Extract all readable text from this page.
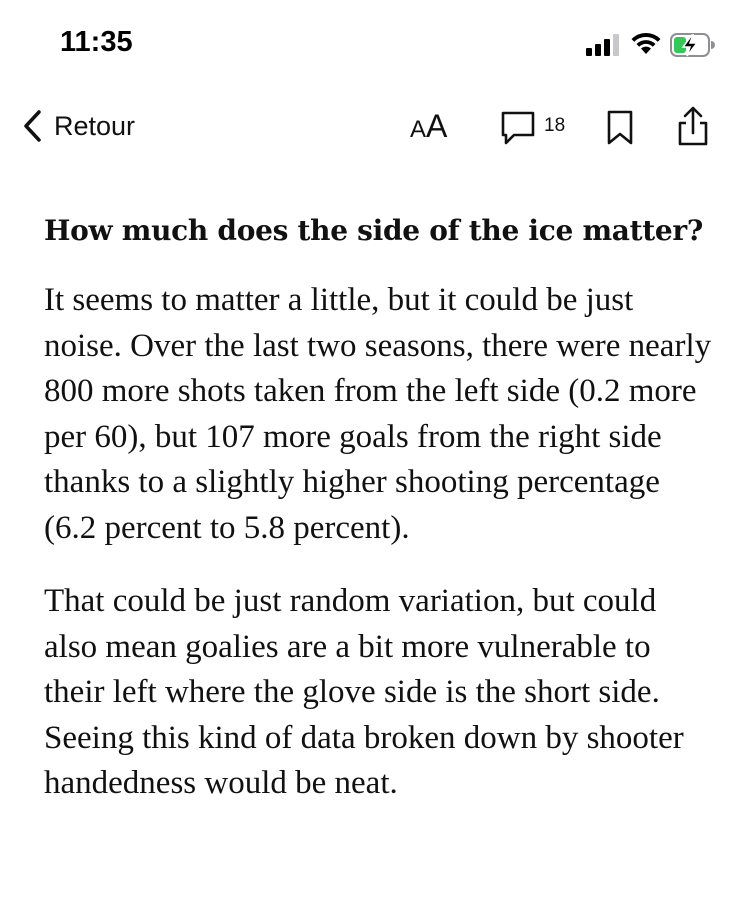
11:35
Retour	AA	18
How much does the side of the ice matter?

It seems to matter a little, but it could be just noise. Over the last two seasons, there were nearly 800 more shots taken from the left side (0.2 more per 60), but 107 more goals from the right side thanks to a slightly higher shooting percentage (6.2 percent to 5.8 percent).

That could be just random variation, but could also mean goalies are a bit more vulnerable to their left where the glove side is the short side. Seeing this kind of data broken down by shooter handedness would be neat.
